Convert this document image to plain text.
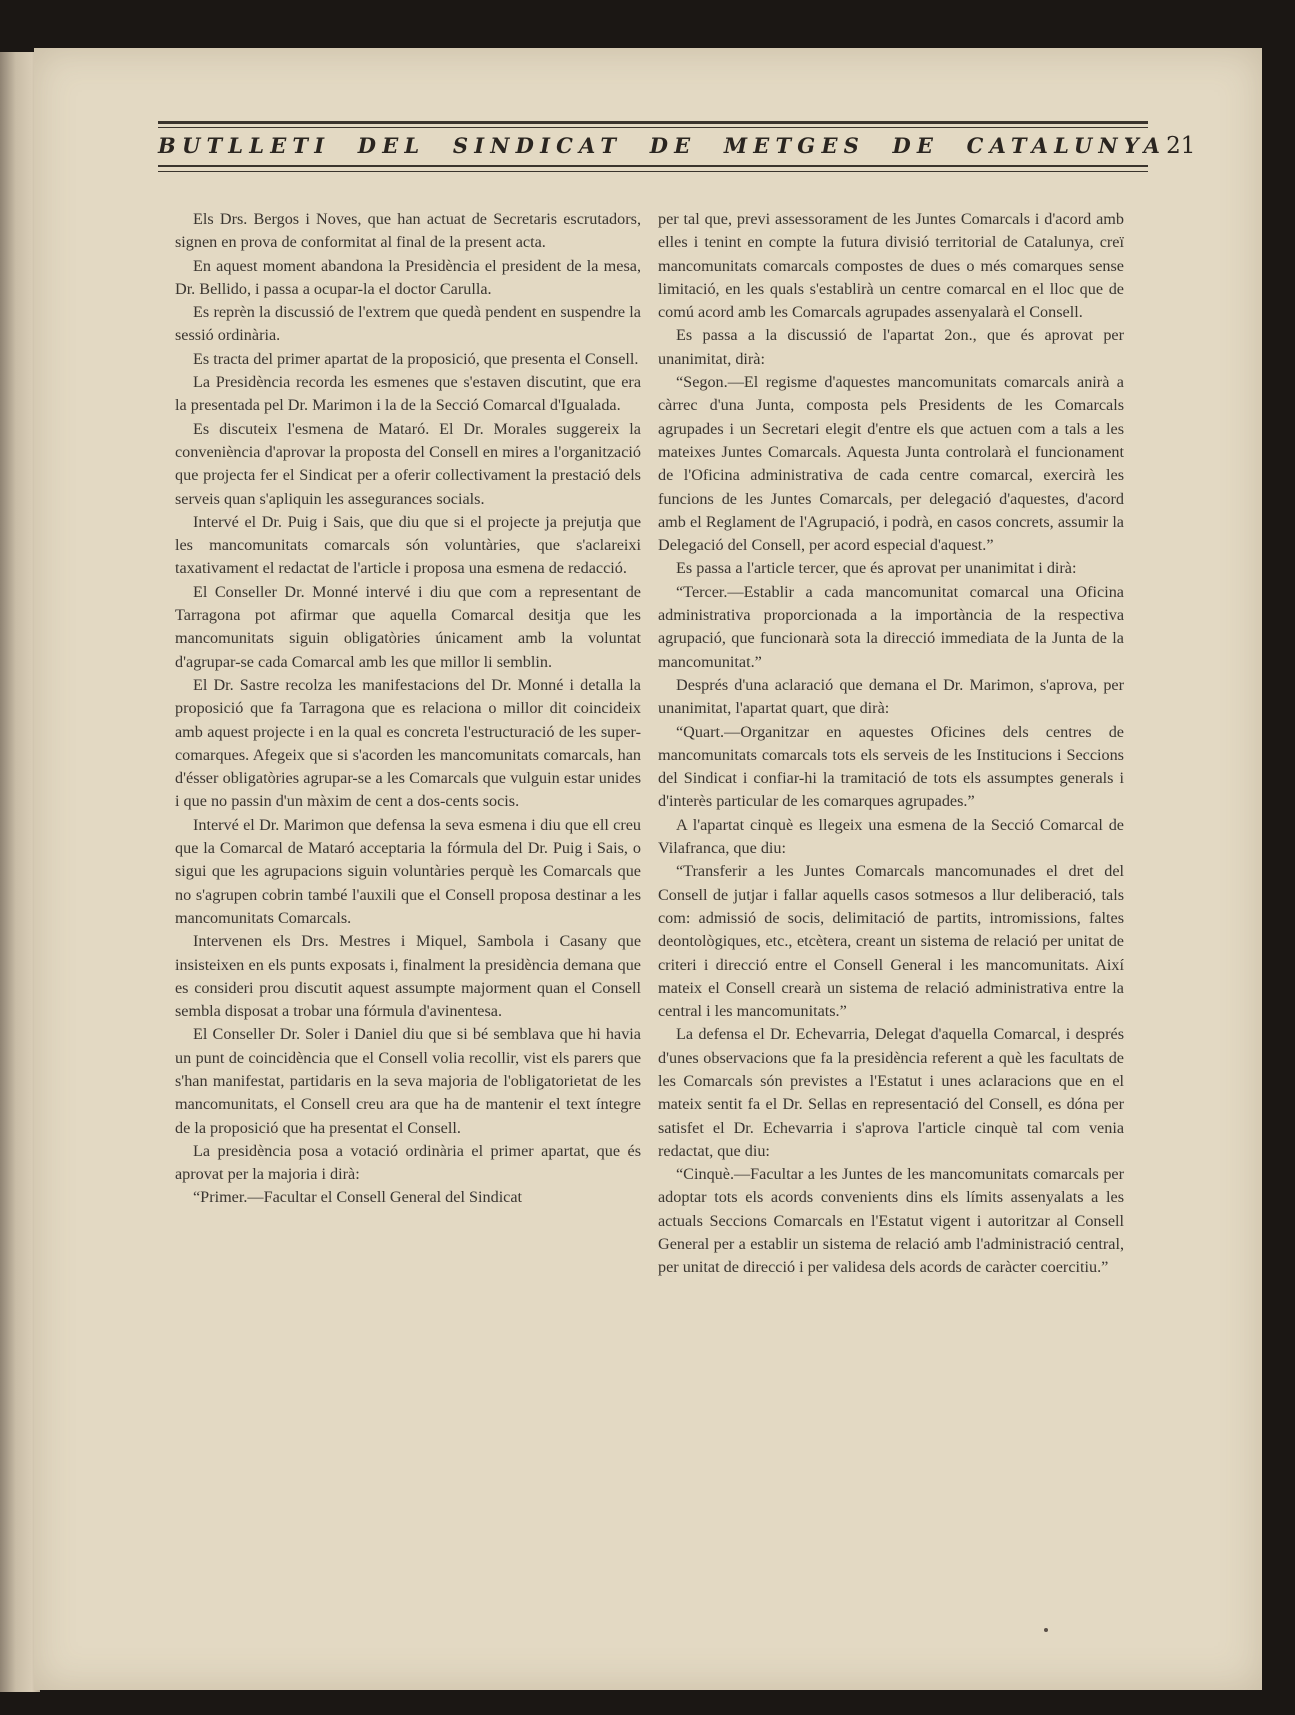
BUTLLETI DEL SINDICAT DE METGES DE CATALUNYA 21

Els Drs. Bergos i Noves, que han actuat de Secretaris escrutadors, signen en prova de conformitat al final de la present acta.

En aquest moment abandona la Presidència el president de la mesa, Dr. Bellido, i passa a ocupar-la el doctor Carulla.

Es reprèn la discussió de l'extrem que quedà pendent en suspendre la sessió ordinària.

Es tracta del primer apartat de la proposició, que presenta el Consell.

La Presidència recorda les esmenes que s'estaven discutint, que era la presentada pel Dr. Marimon i la de la Secció Comarcal d'Igualada.

Es discuteix l'esmena de Mataró. El Dr. Morales suggereix la conveniència d'aprovar la proposta del Consell en mires a l'organització que projecta fer el Sindicat per a oferir collectivament la prestació dels serveis quan s'apliquin les assegurances socials.

Intervé el Dr. Puig i Sais, que diu que si el projecte ja prejutja que les mancomunitats comarcals són voluntàries, que s'aclareixi taxativament el redactat de l'article i proposa una esmena de redacció.

El Conseller Dr. Monné intervé i diu que com a representant de Tarragona pot afirmar que aquella Comarcal desitja que les mancomunitats siguin obligatòries únicament amb la voluntat d'agrupar-se cada Comarcal amb les que millor li semblin.

El Dr. Sastre recolza les manifestacions del Dr. Monné i detalla la proposició que fa Tarragona que es relaciona o millor dit coincideix amb aquest projecte i en la qual es concreta l'estructuració de les super-comarques. Afegeix que si s'acorden les mancomunitats comarcals, han d'ésser obligatòries agrupar-se a les Comarcals que vulguin estar unides i que no passin d'un màxim de cent a dos-cents socis.

Intervé el Dr. Marimon que defensa la seva esmena i diu que ell creu que la Comarcal de Mataró acceptaria la fórmula del Dr. Puig i Sais, o sigui que les agrupacions siguin voluntàries perquè les Comarcals que no s'agrupen cobrin també l'auxili que el Consell proposa destinar a les mancomunitats Comarcals.

Intervenen els Drs. Mestres i Miquel, Sambola i Casany que insisteixen en els punts exposats i, finalment la presidència demana que es consideri prou discutit aquest assumpte majorment quan el Consell sembla disposat a trobar una fórmula d'avinentesa.

El Conseller Dr. Soler i Daniel diu que si bé semblava que hi havia un punt de coincidència que el Consell volia recollir, vist els parers que s'han manifestat, partidaris en la seva majoria de l'obligatorietat de les mancomunitats, el Consell creu ara que ha de mantenir el text íntegre de la proposició que ha presentat el Consell.

La presidència posa a votació ordinària el primer apartat, que és aprovat per la majoria i dirà:

“Primer.—Facultar el Consell General del Sindicat

per tal que, previ assessorament de les Juntes Comarcals i d'acord amb elles i tenint en compte la futura divisió territorial de Catalunya, creï mancomunitats comarcals compostes de dues o més comarques sense limitació, en les quals s'establirà un centre comarcal en el lloc que de comú acord amb les Comarcals agrupades assenyalarà el Consell.

Es passa a la discussió de l'apartat 2on., que és aprovat per unanimitat, dirà:

“Segon.—El regisme d'aquestes mancomunitats comarcals anirà a càrrec d'una Junta, composta pels Presidents de les Comarcals agrupades i un Secretari elegit d'entre els que actuen com a tals a les mateixes Juntes Comarcals. Aquesta Junta controlarà el funcionament de l'Oficina administrativa de cada centre comarcal, exercirà les funcions de les Juntes Comarcals, per delegació d'aquestes, d'acord amb el Reglament de l'Agrupació, i podrà, en casos concrets, assumir la Delegació del Consell, per acord especial d'aquest.”

Es passa a l'article tercer, que és aprovat per unanimitat i dirà:

“Tercer.—Establir a cada mancomunitat comarcal una Oficina administrativa proporcionada a la importància de la respectiva agrupació, que funcionarà sota la direcció immediata de la Junta de la mancomunitat.”

Després d'una aclaració que demana el Dr. Marimon, s'aprova, per unanimitat, l'apartat quart, que dirà:

“Quart.—Organitzar en aquestes Oficines dels centres de mancomunitats comarcals tots els serveis de les Institucions i Seccions del Sindicat i confiar-hi la tramitació de tots els assumptes generals i d'interès particular de les comarques agrupades.”

A l'apartat cinquè es llegeix una esmena de la Secció Comarcal de Vilafranca, que diu:

“Transferir a les Juntes Comarcals mancomunades el dret del Consell de jutjar i fallar aquells casos sotmesos a llur deliberació, tals com: admissió de socis, delimitació de partits, intromissions, faltes deontològiques, etc., etcètera, creant un sistema de relació per unitat de criteri i direcció entre el Consell General i les mancomunitats. Així mateix el Consell crearà un sistema de relació administrativa entre la central i les mancomunitats.”

La defensa el Dr. Echevarria, Delegat d'aquella Comarcal, i després d'unes observacions que fa la presidència referent a què les facultats de les Comarcals són previstes a l'Estatut i unes aclaracions que en el mateix sentit fa el Dr. Sellas en representació del Consell, es dóna per satisfet el Dr. Echevarria i s'aprova l'article cinquè tal com venia redactat, que diu:

“Cinquè.—Facultar a les Juntes de les mancomunitats comarcals per adoptar tots els acords convenients dins els límits assenyalats a les actuals Seccions Comarcals en l'Estatut vigent i autoritzar al Consell General per a establir un sistema de relació amb l'administració central, per unitat de direcció i per validesa dels acords de caràcter coercitiu.”
